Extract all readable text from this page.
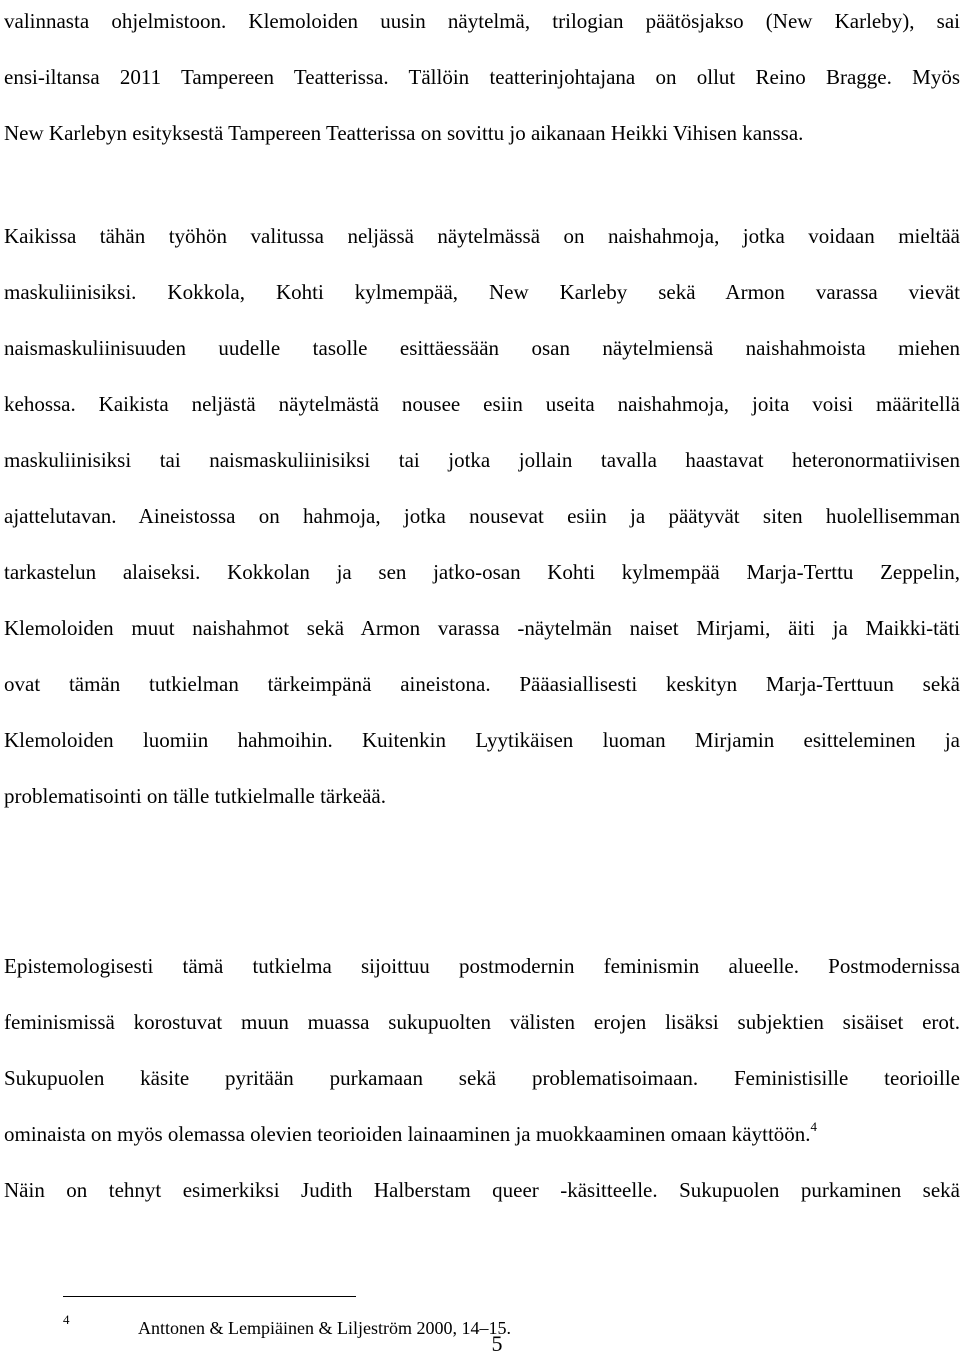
valinnasta ohjelmistoon. Klemoloiden uusin näytelmä, trilogian päätösjakso (New Karleby), sai
ensi-iltansa 2011 Tampereen Teatterissa. Tällöin teatterinjohtajana on ollut Reino Bragge. Myös
New Karlebyn esityksestä Tampereen Teatterissa on sovittu jo aikanaan Heikki Vihisen kanssa.
Kaikissa tähän työhön valitussa neljässä näytelmässä on naishahmoja, jotka voidaan mieltää
maskuliinisiksi. Kokkola, Kohti kylmempää, New Karleby sekä Armon varassa vievät
naismaskuliinisuuden uudelle tasolle esittäessään osan näytelmiensä naishahmoista miehen
kehossa. Kaikista neljästä näytelmästä nousee esiin useita naishahmoja, joita voisi määritellä
maskuliinisiksi tai naismaskuliinisiksi tai jotka jollain tavalla haastavat heteronormatiivisen
ajattelutavan. Aineistossa on hahmoja, jotka nousevat esiin ja päätyvät siten huolellisemman
tarkastelun alaiseksi. Kokkolan ja sen jatko-osan Kohti kylmempää Marja-Terttu Zeppelin,
Klemoloiden muut naishahmot sekä Armon varassa -näytelmän naiset Mirjami, äiti ja Maikki-täti
ovat tämän tutkielman tärkeimpänä aineistona. Pääasiallisesti keskityn Marja-Terttuun sekä
Klemoloiden luomiin hahmoihin. Kuitenkin Lyytikäisen luoman Mirjamin esitteleminen ja
problematisointi on tälle tutkielmalle tärkeää.
Epistemologisesti tämä tutkielma sijoittuu postmodernin feminismin alueelle. Postmodernissa
feminismissä korostuvat muun muassa sukupuolten välisten erojen lisäksi subjektien sisäiset erot.
Sukupuolen käsite pyritään purkamaan sekä problematisoimaan. Feministisille teorioille
ominaista on myös olemassa olevien teorioiden lainaaminen ja muokkaaminen omaan käyttöön.$^4$
Näin on tehnyt esimerkiksi Judith Halberstam queer -käsitteelle. Sukupuolen purkaminen sekä
4	Anttonen & Lempiäinen & Liljeström 2000, 14–15.
5
